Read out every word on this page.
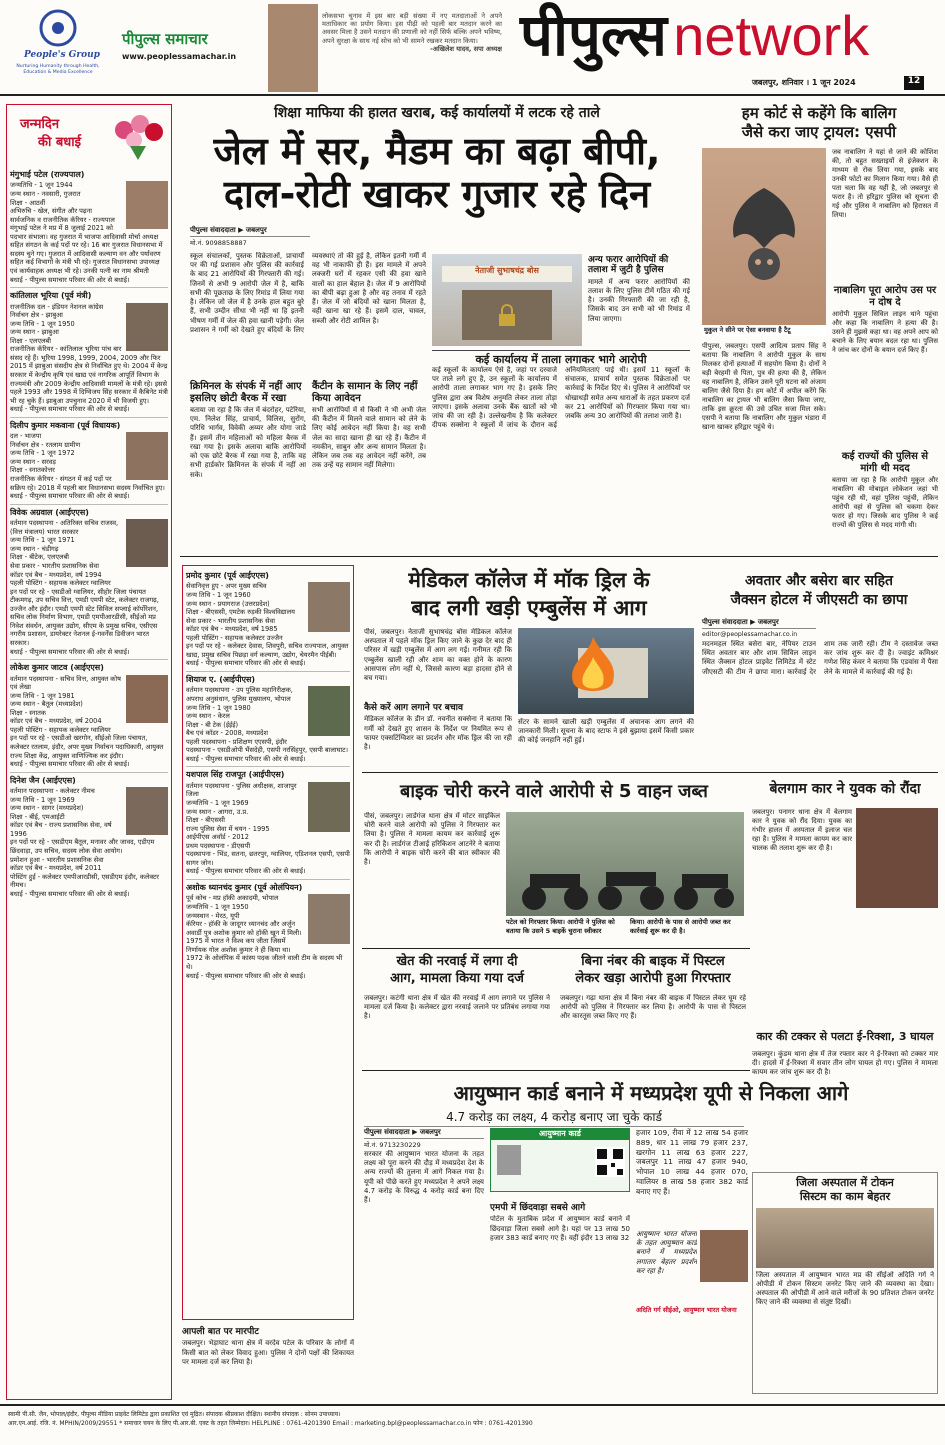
People's Group
Nurturing Humanity through Health, Education & Media Excellence
पीपुल्स समाचार
www.peoplessamachar.in
लोकसभा चुनाव में इस बार बड़ी संख्या में नए मतदाताओं ने अपने मताधिकार का प्रयोग किया। इस पीढ़ी को पहली बार मतदान करने का अवसर मिला है उसने मतदान की प्रणाली को नहीं सिर्फ बल्कि अपने भविष्य, अपने सुरक्षा के साथ नई सोच को भी सामने रखकर मतदान किया।
-अखिलेश यादव, सपा अध्यक्ष पीपुल्स network
जबलपुर, शनिवार । 1 जून 2024	12
जन्मदिन
की बधाई
मंगुभाई पटेल (राज्यपाल)
जन्मतिथि - 1 जून 1944
जन्म स्थान - नवसारी, गुजरात
शिक्षा - आठवीं
अभिरुचि - खेल, संगीत और पढ़ना
सार्वजनिक व राजनीतिक कॅरियर - राज्यपाल मंगुभाई पटेल ने मप्र में 8 जुलाई 2021 को पदभार संभाला। वह गुजरात में भाजपा आदिवासी मोर्चा अध्यक्ष सहित संगठन के कई पदों पर रहे। 16 बार गुजरात विधानसभा में सदस्य चुने गए। गुजरात में आदिवासी कल्याण वन और पर्यावरण सहित कई विभागों के मंत्री भी रहे। गुजरात विधानसभा उपाध्यक्ष एवं कार्यवाहक अध्यक्ष भी रहे। उनकी पत्नी का नाम श्रीमती
बधाई - पीपुल्स समाचार परिवार की ओर से बधाई।
कांतिलाल भूरिया (पूर्व मंत्री)
राजनीतिक दल - इंडियन नेशनल कांग्रेस
निर्वाचन क्षेत्र - झाबुआ
जन्म तिथि - 1 जून 1950
जन्म स्थान - झाबुआ
शिक्षा - एलएलबी
राजनीतिक कॅरियर - कांतिलाल भूरिया पांच बार संसद रहे हैं। भूरिया 1998, 1999, 2004, 2009 और फिर 2015 में झाबुआ संसदीय क्षेत्र से निर्वाचित हुए थे। 2004 में केन्द्र सरकार में केन्द्रीय कृषि एवं खाद्य एवं नागरिक आपूर्ति विभाग के राज्यमंत्री और 2009 केन्द्रीय आदिवासी मामलों के मंत्री रहे। इससे पहले 1993 और 1998 में दिग्विजय सिंह सरकार में कैबिनेट मंत्री भी रह चुके हैं। झाबुआ उपचुनाव 2020 में भी विजयी हुए।
बधाई - पीपुल्स समाचार परिवार की ओर से बधाई।
दिलीप कुमार मकवाना (पूर्व विधायक)
दल - भाजपा
निर्वाचन क्षेत्र - रतलाम ग्रामीण
जन्म तिथि - 1 जून 1972
जन्म स्थान - सरवड़
शिक्षा - स्नातकोत्तर
राजनीतिक कॅरियर - संगठन में कई पदों पर सक्रिय रहे। 2018 में पहली बार विधानसभा सदस्य निर्वाचित हुए।
बधाई - पीपुल्स समाचार परिवार की ओर से बधाई।
विवेक अग्रवाल (आईएएस)
वर्तमान पदस्थापना - अतिरिक्त सचिव राजस्व, (वित्त मंत्रालय) भारत सरकार
जन्म तिथि - 1 जून 1971
जन्म स्थान - चंडीगढ़
शिक्षा - बीटेक, एलएलबी
सेवा प्रकार - भारतीय प्रशासनिक सेवा
कॉडर एवं बैच - मध्यप्रदेश, वर्ष 1994
पहली पोस्टिंग - सहायक कलेक्टर ग्वालियर
इन पदों पर रहे - एसडीओ ग्वालियर, सीहोर जिला पंचायत टीकमगढ़, उप सचिव वित्त, एमडी एमपी स्टेट, कलेक्टर राजगढ़, उज्जैन और इंदौर। एमडी एमपी स्टेट सिविल सप्लाई कॉर्पोरेशन, सचिव लोक निर्माण विभाग, एमडी एमपीआरडीसी, सीईओ मप्र निवेश संवर्धन, आयुक्त उद्योग, सीएम के प्रमुख सचिव, एसीएस नगरीय प्रशासन, डायरेक्टर नेशनल ई-गवर्नेंस डिवीजन भारत सरकार।
बधाई - पीपुल्स समाचार परिवार की ओर से बधाई।
लोकेश कुमार जाटव (आईएएस)
वर्तमान पदस्थापना - सचिव वित्त, आयुक्त कोष एवं लेखा
जन्म तिथि - 1 जून 1981
जन्म स्थान - बैतूल (मध्यप्रदेश)
शिक्षा - स्नातक
कॉडर एवं बैच - मध्यप्रदेश, वर्ष 2004
पहली पोस्टिंग - सहायक कलेक्टर ग्वालियर
इन पदों पर रहे - एसडीओ खरगोन, सीईओ जिला पंचायत, कलेक्टर रतलाम, इंदौर, अपर मुख्य निर्वाचन पदाधिकारी, आयुक्त राज्य शिक्षा केंद्र, आयुक्त वाणिज्यिक कर इंदौर।
बधाई - पीपुल्स समाचार परिवार की ओर से बधाई।
दिनेश जैन (आईएएस)
वर्तमान पदस्थापना - कलेक्टर नीमच
जन्म तिथि - 1 जून 1969
जन्म स्थान - सागर (मध्यप्रदेश)
शिक्षा - बीई, एमआईटी
कॉडर एवं बैच - राज्य प्रशासनिक सेवा, वर्ष 1996
इन पदों पर रहे - एसडीएम बैतूल, मनावर और जावद, एडीएम छिंदवाड़ा, उप सचिव, सदस्य लोक सेवा आयोग।
प्रमोशन हुआ - भारतीय प्रशासनिक सेवा
कॉडर एवं बैच - मध्यप्रदेश, वर्ष 2011
पोस्टिंग हुई - कलेक्टर एमपीआरडीसी, एसडीएम इंदौर, कलेक्टर नीमच।
बधाई - पीपुल्स समाचार परिवार की ओर से बधाई।
शिक्षा माफिया की हालत खराब, कई कार्यालयों में लटक रहे ताले
जेल में सर, मैडम का बढ़ा बीपी,
दाल-रोटी खाकर गुजार रहे दिन
पीपुल्स संवाददाता ▶ जबलपुर
मो.नं. 9098858887
स्कूल संचालकों, पुस्तक विक्रेताओं, प्राचार्यों पर की गई प्रशासन और पुलिस की कार्रवाई के बाद 21 आरोपियों की गिरफ्तारी की गई। जिनमें से अभी 9 आरोपी जेल में है, बाकि सभी की पूछताछ के लिए रिमांड में लिया गया है। लेकिन जो जेल में है उनके हाल बहुत बुरे हैं, सभी उम्दीन सीधा भी नहीं था हि इतनी भीषण गर्मी में जेल की हवा खानी पड़ेगी। जेल प्रशासन ने गर्मी को देखते हुए बंदियों के लिए व्यवस्थाएं तो की हुई है, लेकिन इतनी गर्मी में वह भी नाकाफी ही हैं। इस मामले में अपने लक्जरी घरों में रहकर एसी की हवा खाने वालों का हाल बेहाल है। जेल में 9 आरोपियों का बीपी बढ़ा हुआ है और वह तनाव में रहते हैं। जेल में जो बंदियों को खाना मिलता है, वही खाना खा रहे हैं। इसमें दाल, चावल, सब्जी और रोटी शामिल है।
क्रिमिनल के संपर्क में नहीं आए इसलिए छोटी बैरक में रखा
बताया जा रहा है कि जेल में बंदरोहर, पटेरिया, एम. निलेश सिंह, प्राचार्य, विलिस, सुरोंग, परिधि भार्गव, विवेकी अय्यर और योगा जाडे हैं। इसमें तीन महिलाओं को महिला बैरक में रखा गया है। इसके अलावा बाकि आरोपियों को एक छोटे बैरक में रखा गया है, ताकि वह सभी हार्डकोर क्रिमिनल के संपर्क में नहीं आ सके।
कैंटीन के सामान के लिए नहीं किया आवेदन
सभी आरोपियों में से किसी ने भी अभी जेल की कैंटीन में मिलने वाले सामान को लेने के लिए कोई आवेदन नहीं किया है। वह सभी जेल का सादा खाना ही खा रहे हैं। कैंटीन में नमकीन, साबुन और अन्य सामान मिलता है। लेकिन जब तक वह आवेदन नहीं करेंगे, तब तक उन्हें यह सामान नहीं मिलेगा।
नेताजी सुभाषचंद्र बोस
अन्य फरार आरोपियों की तलाश में जुटी है पुलिस
मामले में अन्य फरार आरोपियों की तलाश के लिए पुलिस टीमें गठित की गई है। उनकी गिरफ्तारी की जा रही है, जिसके बाद उन सभी को भी रिमांड में लिया जाएगा।
कई कार्यालय में ताला लगाकर भागे आरोपी
कई स्कूलों के कार्यालय ऐसे है, जहां पर दरवाजे पर ताले लगे हुए है, उन स्कूलों के कार्यालय में आरोपी ताला लगाकर भाग गए है। इसके लिए पुलिस द्वारा अब विशेष अनुमति लेकर ताला तोड़ा जाएगा। इसके अलावा उनके बैंक खातों को भी जांच की जा रही है। उल्लेखनीय है कि कलेक्टर दीपक सक्सेना ने स्कूलों में जांच के दौरान कई अनियमितताएं पाई थी। इसमें 11 स्कूलों के संचालक, प्राचार्य समेत पुस्तक विक्रेताओं पर कार्रवाई के निर्देश दिए थे। पुलिस ने आरोपियों पर धोखाधड़ी समेत अन्य धाराओं के तहत प्रकरण दर्ज कर 21 आरोपियों को गिरफ्तार किया गया था। जबकि अन्य 30 आरोपियों की तलाश जारी है।
प्रमोद कुमार (पूर्व आईएएस)
सेवानिवृत्त हुए - अपर मुख्य सचिव
जन्म तिथि - 1 जून 1960
जन्म स्थान - प्रयागराज (उत्तरप्रदेश)
शिक्षा - बीएससी, एमटेक रुड़की विश्वविद्यालय
सेवा प्रकार - भारतीय प्रशासनिक सेवा
कॉडर एवं बैच - मध्यप्रदेश, वर्ष 1985
पहली पोस्टिंग - सहायक कलेक्टर उज्जैन
इन पदों पर रहे - कलेक्टर देवास, शिवपुरी, सचिव राज्यपाल, आयुक्त खाद्य, प्रमुख सचिव पिछड़ा वर्ग कल्याण, उद्योग, चेयरमैन पीईबी।
बधाई - पीपुल्स समाचार परिवार की ओर से बधाई।
शियाज ए. (आईपीएस)
वर्तमान पदस्थापना - उप पुलिस महानिरीक्षक, अपराध अनुसंधान, पुलिस मुख्यालय, भोपाल
जन्म तिथि - 1 जून 1980
जन्म स्थान - केरल
शिक्षा - बी टेक (ईईई)
बैच एवं कॉडर - 2008, मध्यप्रदेश
पहली पदस्थापना - प्रशिक्षण एएसपी, इंदौर
पदस्थापना - एसडीओपी भैंसदेही, एसपी नरसिंहपुर, एसपी बालाघाट।
बधाई - पीपुल्स समाचार परिवार की ओर से बधाई।
यशपाल सिंह राजपूत (आईपीएस)
वर्तमान पदस्थापना - पुलिस अधीक्षक, शाजापुर जिला
जन्मतिथि - 1 जून 1969
जन्म स्थान - आगरा, उ.प्र.
शिक्षा - बीएससी
राज्य पुलिस सेवा में चयन - 1995
आईपीएस अवॉर्ड - 2012
प्रथम पदस्थापना - डीएसपी
पदस्थापना - भिंड, सतना, छतरपुर, ग्वालियर, एडिशनल एसपी, एसपी सागर जोन।
बधाई - पीपुल्स समाचार परिवार की ओर से बधाई।
अशोक ध्यानचंद कुमार (पूर्व ओलंपियन)
पूर्व कोच - मप्र हॉकी अकादमी, भोपाल
जन्मतिथि - 1 जून 1950
जन्मस्थान - मेरठ, यूपी
कॅरियर - हॉकी के जादूगर ध्यानचंद और अर्जुन अवार्डी पुत्र अशोक कुमार को हॉकी खून में मिली। 1975 में भारत ने विश्व कप जीता जिसमें निर्णायक गोल अशोक कुमार ने ही किया था। 1972 के ओलंपिक में कांस्य पदक जीतने वाली टीम के सदस्य भी थे।
बधाई - पीपुल्स समाचार परिवार की ओर से बधाई।
आपली बात पर मारपीट
जबलपुर। भेड़ाघाट थाना क्षेत्र में वरदेव पटेल के परिवार के लोगों में किसी बात को लेकर विवाद हुआ। पुलिस ने दोनों पक्षों की शिकायत पर मामला दर्ज कर लिया है।
हम कोर्ट से कहेंगे कि बालिग
जैसे करा जाए ट्रायल: एसपी
मुकुल ने सीने पर ऐसा बनवाया है टैटू
जब नाबालिग ने यहां से जाने की कोशिश की, तो बहुत सख्ताइयों से इंजेक्शन के माध्यम से रोक लिया गया, इसके बाद उनकी फोटो का मिलान किया गया। वैसे ही पता चला कि वह यहीं है, जो जबलपुर से फरार है। तो हरिद्वार पुलिस को सूचना दी गई और पुलिस ने नाबालिग को हिरासत में लिया।
नाबालिग पूरा आरोप उस पर न दोष दे
आरोपी मुकुल सिविल लाइन थाने पहुंचा और कहा कि नाबालिग ने हत्या की है। उसने ही मुझसे कहा था। वह अपने आप को बचाने के लिए बयान बदल रहा था। पुलिस ने जांच कर दोनों के बयान दर्ज किए हैं।
पीपुल्स, जबलपुर। एसपी आदित्य प्रताप सिंह ने बताया कि नाबालिग ने आरोपी मुकुल के साथ मिलकर दोनों हत्याओं में सहयोग किया है। दोनों ने बड़ी बेरहमी से पिता, पुत्र की हत्या की है, लेकिन वह नाबालिग है, लेकिन उसने पूरी घटना को अंजाम बालिग जैसे दिया है। हम कोर्ट में अपील करेंगे कि नाबालिग का ट्रायल भी बालिग जैसा किया जाए, ताकि इस क्रूरता की उसे उचित सजा मिल सके। एसपी ने बताया कि नाबालिग और मुकुल भंडारा में खाना खाकर हरिद्वार पहुंचे थे।
कई राज्यों की पुलिस से मांगी थी मदद
बताया जा रहा है कि आरोपी मुकुल और नाबालिग की मोबाइल लोकेशन जहां भी पहुंच रही थी, वहां पुलिस पहुंची, लेकिन आरोपी वहां से पुलिस को चकमा देकर फरार हो गए। जिसके बाद पुलिस ने कई राज्यों की पुलिस से मदद मांगी थी।
मेडिकल कॉलेज में मॉक ड्रिल के
बाद लगी खड़ी एम्बुलेंस में आग
पीसं, जबलपुर। नेताजी सुभाषचंद्र बोस मेडिकल कॉलेज अस्पताल में पहले मॉक ड्रिल किए जाने के कुछ देर बाद ही परिसर में खड़ी एम्बुलेंस में आग लग गई। गनीमत रही कि एम्बुलेंस खाली रही और शाम का वक्त होने के कारण आसपास लोग नहीं थे, जिससे कारण बड़ा हादसा होने से बच गया।
कैसे करें आग लगाने पर बचाव
मेडिकल कॉलेज के डीन डॉ. नवनीत सक्सेना ने बताया कि गर्मी को देखते हुए शासन के निर्देश पर नियमित रूप से फायर एक्सटिंग्विशर का प्रदर्शन और मॉक ड्रिल की जा रही है।
सेंटर के सामने खाली खड़ी एम्बुलेंस में अचानक आग लगने की जानकारी मिली। सूचना के बाद स्टाफ ने इसे बुझाया इसमें किसी प्रकार की कोई जनहानि नहीं हुई।
अवतार और बसेरा बार सहित
जैक्सन होटल में जीएसटी का छापा
पीपुल्स संवाददाता ▶ जबलपुर
editor@peoplessamachar.co.in
मदनमहल स्थित बसेरा बार, नेपियर टाउन स्थित अवतार बार और शाम सिविल लाइन स्थित जैक्सन होटल प्राइवेट लिमिटेड में स्टेट जीएसटी की टीम ने छापा मारा। कार्रवाई देर शाम तक जारी रही। टीम ने दस्तावेज जब्त कर जांच शुरू कर दी है। ज्वाइंट कमिश्नर गणेश सिंह कंवर ने बताया कि एडवांस में पैसा लेने के मामले में कार्रवाई की गई है।
बाइक चोरी करने वाले आरोपी से 5 वाहन जब्त
पीसं, जबलपुर। लार्डगंज थाना क्षेत्र में मोटर साइकिल चोरी करने वाले आरोपी को पुलिस ने गिरफ्तार कर लिया है। पुलिस ने मामला कायम कर कार्रवाई शुरू कर दी है। लार्डगंज टीआई हरिकिशन आटनेरे ने बताया कि आरोपी ने बाइक चोरी करने की बात स्वीकार की है।
पटेल को गिरफ्तार किया। आरोपी ने पुलिस को बताया कि उसने 5 बाइकें चुराना स्वीकार
किया। आरोपी के पास से आरोपी जब्त कर कार्रवाई शुरू कर दी है।
बेलगाम कार ने युवक को रौंदा
जबलपुर। पनागर थाना क्षेत्र में बेलगाम कार ने युवक को रौंद दिया। युवक का गंभीर हालत में अस्पताल में इलाज चल रहा है। पुलिस ने मामला कायम कर कार चालक की तलाश शुरू कर दी है।
खेत की नरवाई में लगा दी
आग, मामला किया गया दर्ज
जबलपुर। कटंगी थाना क्षेत्र में खेत की नरवाई में आग लगाने पर पुलिस ने मामला दर्ज किया है। कलेक्टर द्वारा नरवाई जलाने पर प्रतिबंध लगाया गया है।
बिना नंबर की बाइक में पिस्टल
लेकर खड़ा आरोपी हुआ गिरफ्तार
जबलपुर। गढ़ा थाना क्षेत्र में बिना नंबर की बाइक में पिस्टल लेकर घूम रहे आरोपी को पुलिस ने गिरफ्तार कर लिया है। आरोपी के पास से पिस्टल और कारतूस जब्त किए गए हैं।
कार की टक्कर से पलटा ई-रिक्शा, 3 घायल
जबलपुर। कुंडम थाना क्षेत्र में तेज रफ्तार कार ने ई-रिक्शा को टक्कर मार दी। हादसे में ई-रिक्शा में सवार तीन लोग घायल हो गए। पुलिस ने मामला कायम कर जांच शुरू कर दी है।
आयुष्मान कार्ड बनाने में मध्यप्रदेश यूपी से निकला आगे
4.7 करोड़ का लक्ष्य, 4 करोड़ बनाए जा चुके कार्ड
पीपुल्स संवाददाता ▶ जबलपुर
मो.नं. 9713230229
सरकार की आयुष्मान भारत योजना के तहत लक्ष्य को पूरा करने की दौड़ में मध्यप्रदेश देश के अन्य राज्यों की तुलना में आगे निकल गया है। यूपी को पीछे करते हुए मध्यप्रदेश ने अपने लक्ष्य 4.7 करोड़ के विरुद्ध 4 करोड़ कार्ड बना दिए हैं।
आयुष्मान कार्ड	हजार 109, रीवा में 12 लाख 54 हजार 889, धार 11 लाख 79 हजार 237, खरगोन 11 लाख 63 हजार 227, जबलपुर 11 लाख 47 हजार 940, भोपाल 10 लाख 44 हजार 070, ग्वालियर 8 लाख 58 हजार 382 कार्ड बनाए गए हैं।
एमपी में छिंदवाड़ा सबसे आगे
पोर्टल के मुताबिक प्रदेश में आयुष्मान कार्ड बनाने में छिंदवाड़ा जिला सबसे आगे है। यहां पर 13 लाख 50 हजार 383 कार्ड बनाए गए हैं। वहीं इंदौर 13 लाख 32 आयुष्मान भारत योजना के तहत आयुष्मान कार्ड बनाने में मध्यप्रदेश लगातार बेहतर प्रदर्शन कर रहा है।
अदिति गर्ग सीईओ, आयुष्मान भारत योजना
जिला अस्पताल में टोकन
सिस्टम का काम बेहतर
जिला अस्पताल में आयुष्मान भारत मप्र की सीईओ अदिति गर्ग ने ओपीडी में टोकन सिस्टम जनरेट किए जाने की व्यवस्था का देखा। अस्पताल की ओपीडी में आने वाले मरीजों के 90 प्रतिशत टोकन जनरेट किए जाने की व्यवस्था से संतुष्ट दिखीं।
स्वामी पी.सी. जैन, भोपाल/इंदौर, पीपुल्स मीडिया प्राइवेट लिमिटेड द्वारा प्रकाशित एवं मुद्रित। संपादक श्रीप्रकाश दीक्षित। स्थानीय संपादक : सोनम उपाध्याय।
आर.एन.आई. रजि. नं. MPHIN/2009/29551 * समाचार चयन के लिए पी.आर.बी. एक्ट के तहत जिम्मेदार। HELPLINE : 0761-4201390 Email : marketing.bpl@peoplessamachar.co.in फोन : 0761-4201390
